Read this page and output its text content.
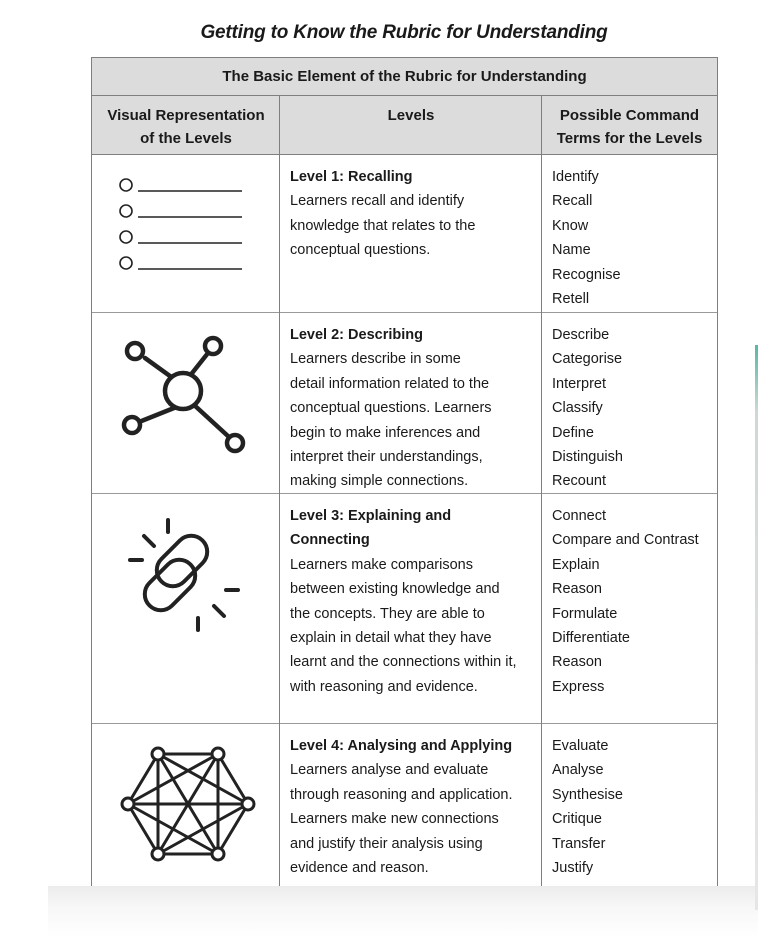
Getting to Know the Rubric for Understanding
The Basic Element of the Rubric for Understanding
Visual Representation
of the Levels
Levels	Possible Command
Terms for the Levels
Level 1: Recalling
Learners recall and identify
knowledge that relates to the
conceptual questions.
Identify
Recall
Know
Name
Recognise
Retell
Level 2: Describing
Learners describe in some
detail information related to the
conceptual questions. Learners
begin to make inferences and
interpret their understandings,
making simple connections.
Describe
Categorise
Interpret
Classify
Define
Distinguish
Recount
Level 3: Explaining and
Connecting
Learners make comparisons
between existing knowledge and
the concepts. They are able to
explain in detail what they have
learnt and the connections within it,
with reasoning and evidence.
Connect
Compare and Contrast
Explain
Reason
Formulate
Differentiate
Reason
Express
Level 4: Analysing and Applying
Learners analyse and evaluate
through reasoning and application.
Learners make new connections
and justify their analysis using
evidence and reason.
Evaluate
Analyse
Synthesise
Critique
Transfer
Justify
